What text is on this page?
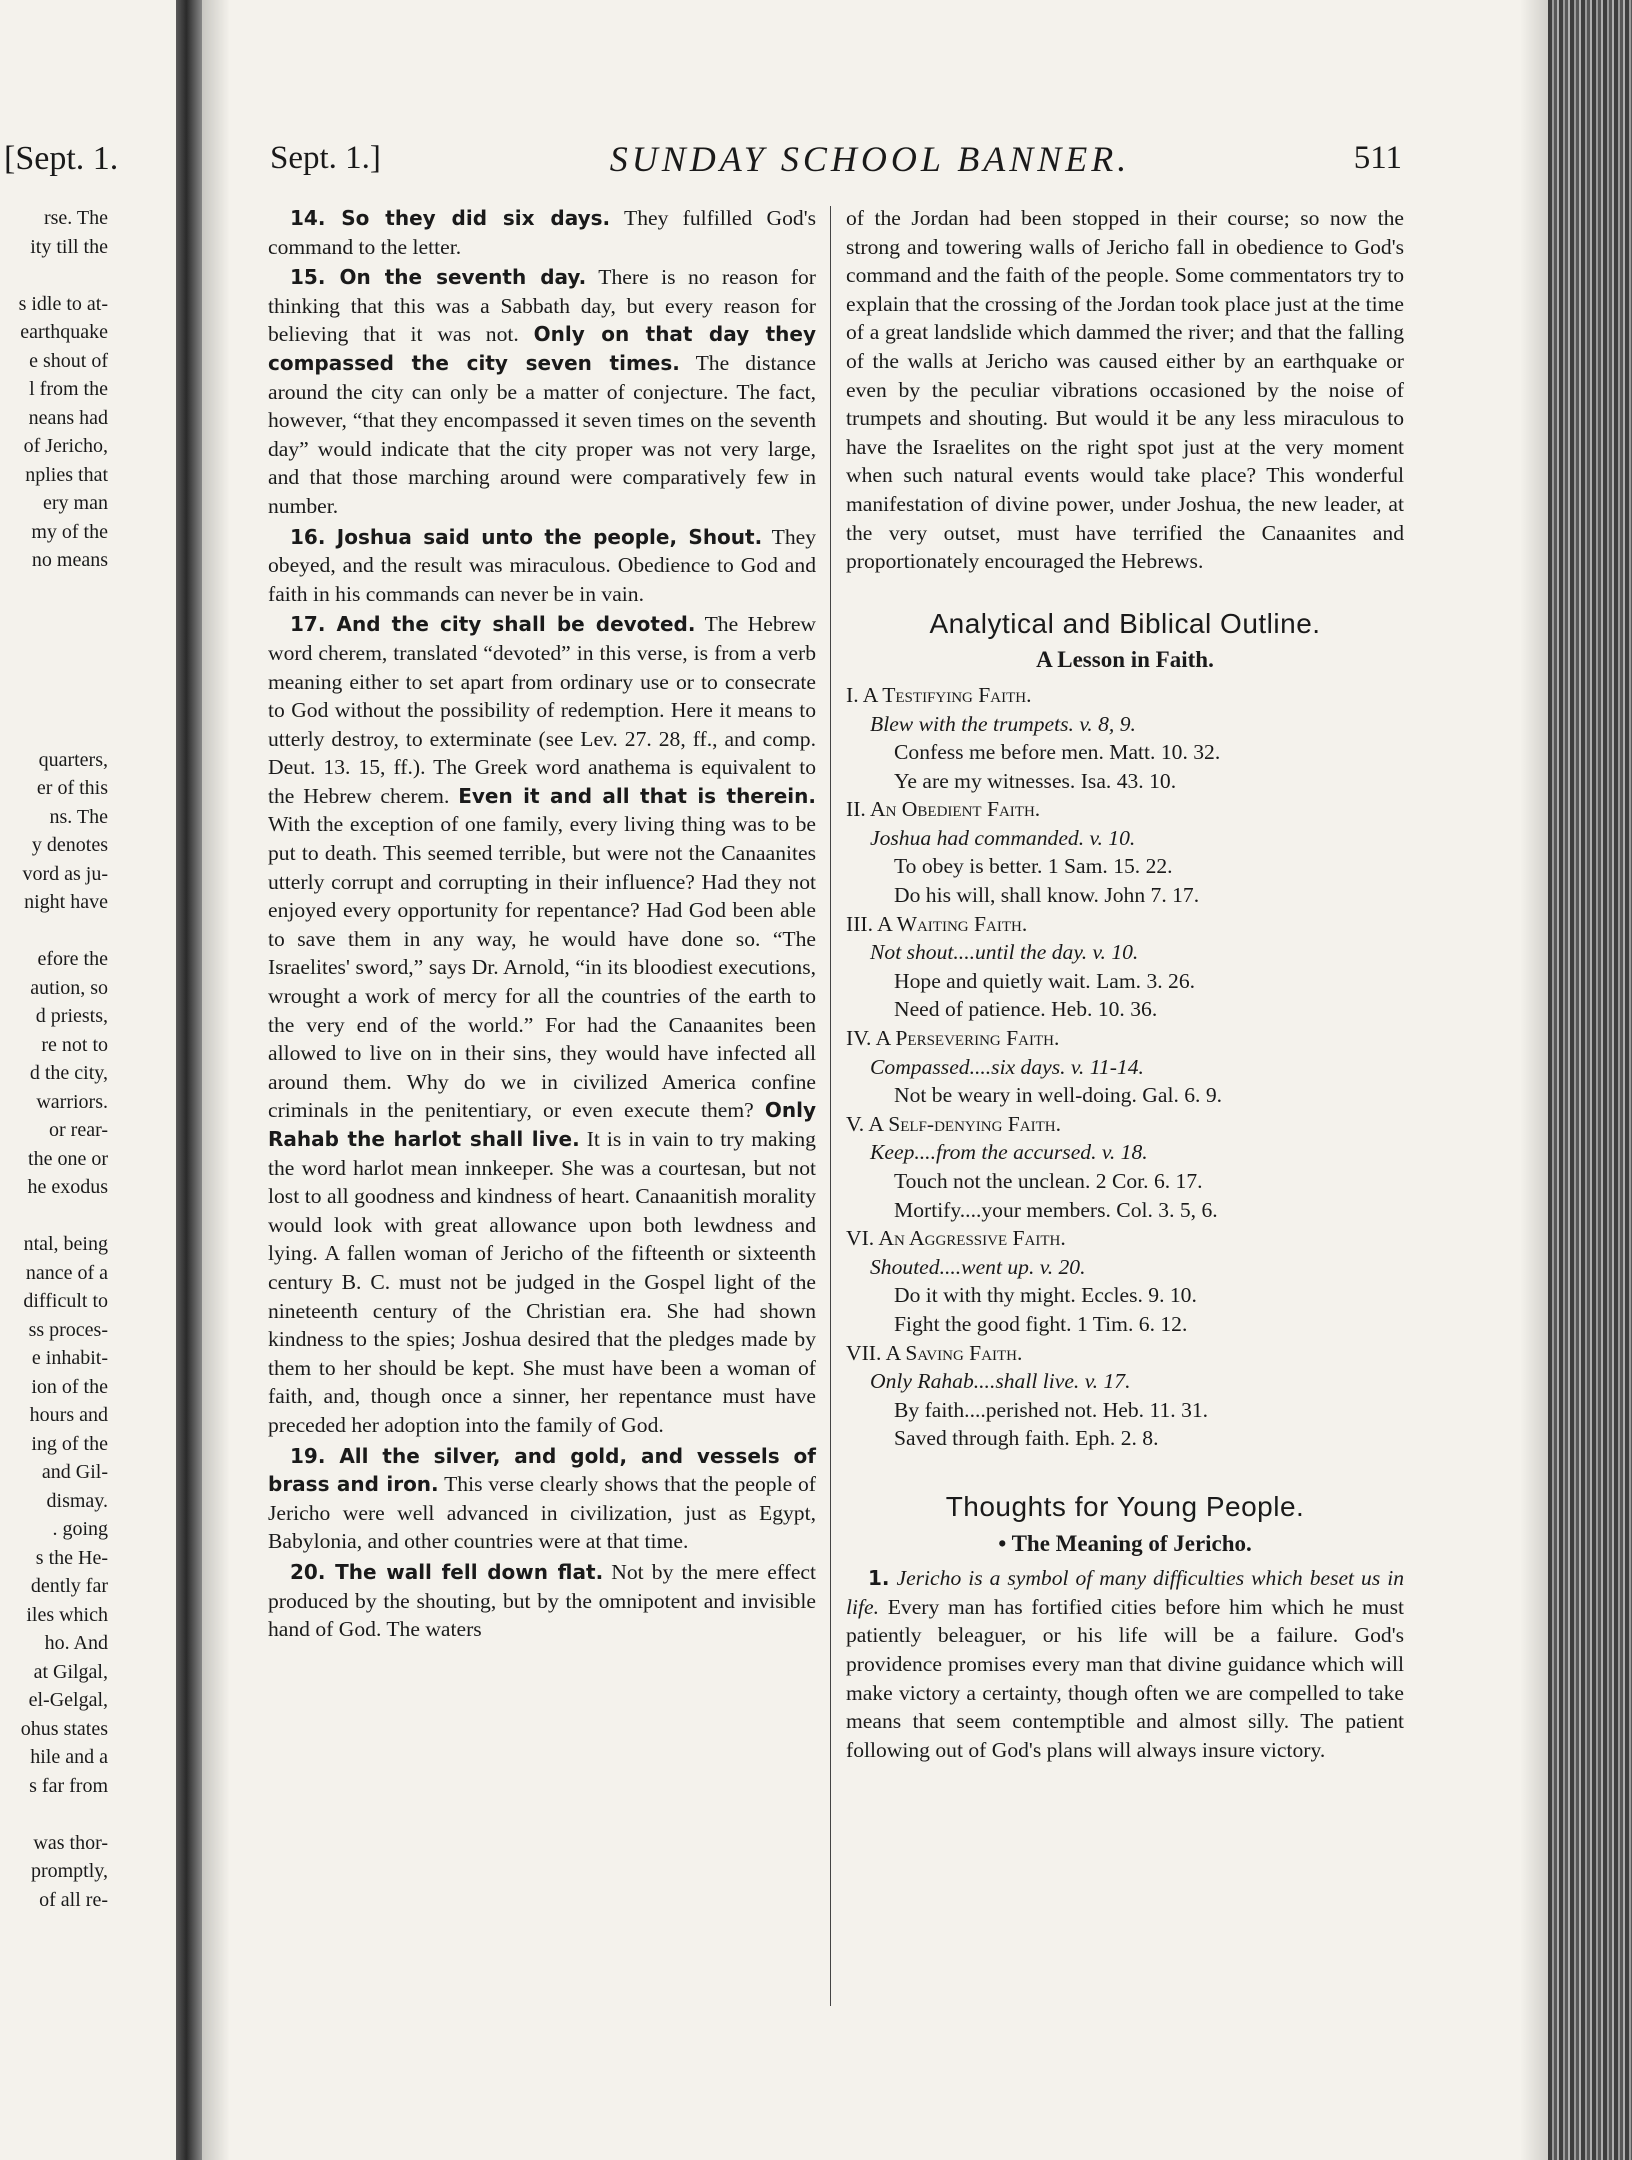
[Sept. 1.
rse. The
ity till the
s idle to at-
earthquake
e shout of
l from the
neans had
of Jericho,
nplies that
ery man
my of the
no means
quarters,
er of this
ns. The
y denotes
vord as ju-
night have
efore the
aution, so
d priests,
re not to
d the city,
warriors.
or rear-
the one or
he exodus
ntal, being
nance of a
difficult to
ss proces-
e inhabit-
ion of the
hours and
ing of the
and Gil-
dismay.
. going
s the He-
dently far
iles which
ho. And
at Gilgal,
el-Gelgal,
ohus states
hile and a
s far from
was thor-
promptly,
of all re-
Sept. 1.]	SUNDAY SCHOOL BANNER.	511

14. So they did six days. They fulfilled God's command to the letter.

15. On the seventh day. There is no reason for thinking that this was a Sabbath day, but every reason for believing that it was not. Only on that day they compassed the city seven times. The distance around the city can only be a matter of conjecture. The fact, however, “that they encompassed it seven times on the seventh day” would indicate that the city proper was not very large, and that those marching around were comparatively few in number.

16. Joshua said unto the people, Shout. They obeyed, and the result was miraculous. Obedience to God and faith in his commands can never be in vain.

17. And the city shall be devoted. The Hebrew word cherem, translated “devoted” in this verse, is from a verb meaning either to set apart from ordinary use or to consecrate to God without the possibility of redemption. Here it means to utterly destroy, to exterminate (see Lev. 27. 28, ff., and comp. Deut. 13. 15, ff.). The Greek word anathema is equivalent to the Hebrew cherem. Even it and all that is therein. With the exception of one family, every living thing was to be put to death. This seemed terrible, but were not the Canaanites utterly corrupt and corrupting in their influence? Had they not enjoyed every opportunity for repentance? Had God been able to save them in any way, he would have done so. “The Israelites' sword,” says Dr. Arnold, “in its bloodiest executions, wrought a work of mercy for all the countries of the earth to the very end of the world.” For had the Canaanites been allowed to live on in their sins, they would have infected all around them. Why do we in civilized America confine criminals in the penitentiary, or even execute them? Only Rahab the harlot shall live. It is in vain to try making the word harlot mean innkeeper. She was a courtesan, but not lost to all goodness and kindness of heart. Canaanitish morality would look with great allowance upon both lewdness and lying. A fallen woman of Jericho of the fifteenth or sixteenth century B. C. must not be judged in the Gospel light of the nineteenth century of the Christian era. She had shown kindness to the spies; Joshua desired that the pledges made by them to her should be kept. She must have been a woman of faith, and, though once a sinner, her repentance must have preceded her adoption into the family of God.

19. All the silver, and gold, and vessels of brass and iron. This verse clearly shows that the people of Jericho were well advanced in civilization, just as Egypt, Babylonia, and other countries were at that time.

20. The wall fell down flat. Not by the mere effect produced by the shouting, but by the omnipotent and invisible hand of God. The waters

of the Jordan had been stopped in their course; so now the strong and towering walls of Jericho fall in obedience to God's command and the faith of the people. Some commentators try to explain that the crossing of the Jordan took place just at the time of a great landslide which dammed the river; and that the falling of the walls at Jericho was caused either by an earthquake or even by the peculiar vibrations occasioned by the noise of trumpets and shouting. But would it be any less miraculous to have the Israelites on the right spot just at the very moment when such natural events would take place? This wonderful manifestation of divine power, under Joshua, the new leader, at the very outset, must have terrified the Canaanites and proportionately encouraged the Hebrews.

Analytical and Biblical Outline.
A Lesson in Faith.
I. A Testifying Faith.
Blew with the trumpets. v. 8, 9.
Confess me before men. Matt. 10. 32.
Ye are my witnesses. Isa. 43. 10.
II. An Obedient Faith.
Joshua had commanded. v. 10.
To obey is better. 1 Sam. 15. 22.
Do his will, shall know. John 7. 17.
III. A Waiting Faith.
Not shout....until the day. v. 10.
Hope and quietly wait. Lam. 3. 26.
Need of patience. Heb. 10. 36.
IV. A Persevering Faith.
Compassed....six days. v. 11-14.
Not be weary in well-doing. Gal. 6. 9.
V. A Self-denying Faith.
Keep....from the accursed. v. 18.
Touch not the unclean. 2 Cor. 6. 17.
Mortify....your members. Col. 3. 5, 6.
VI. An Aggressive Faith.
Shouted....went up. v. 20.
Do it with thy might. Eccles. 9. 10.
Fight the good fight. 1 Tim. 6. 12.
VII. A Saving Faith.
Only Rahab....shall live. v. 17.
By faith....perished not. Heb. 11. 31.
Saved through faith. Eph. 2. 8.
Thoughts for Young People.
• The Meaning of Jericho.

1. Jericho is a symbol of many difficulties which beset us in life. Every man has fortified cities before him which he must patiently beleaguer, or his life will be a failure. God's providence promises every man that divine guidance which will make victory a certainty, though often we are compelled to take means that seem contemptible and almost silly. The patient following out of God's plans will always insure victory.
